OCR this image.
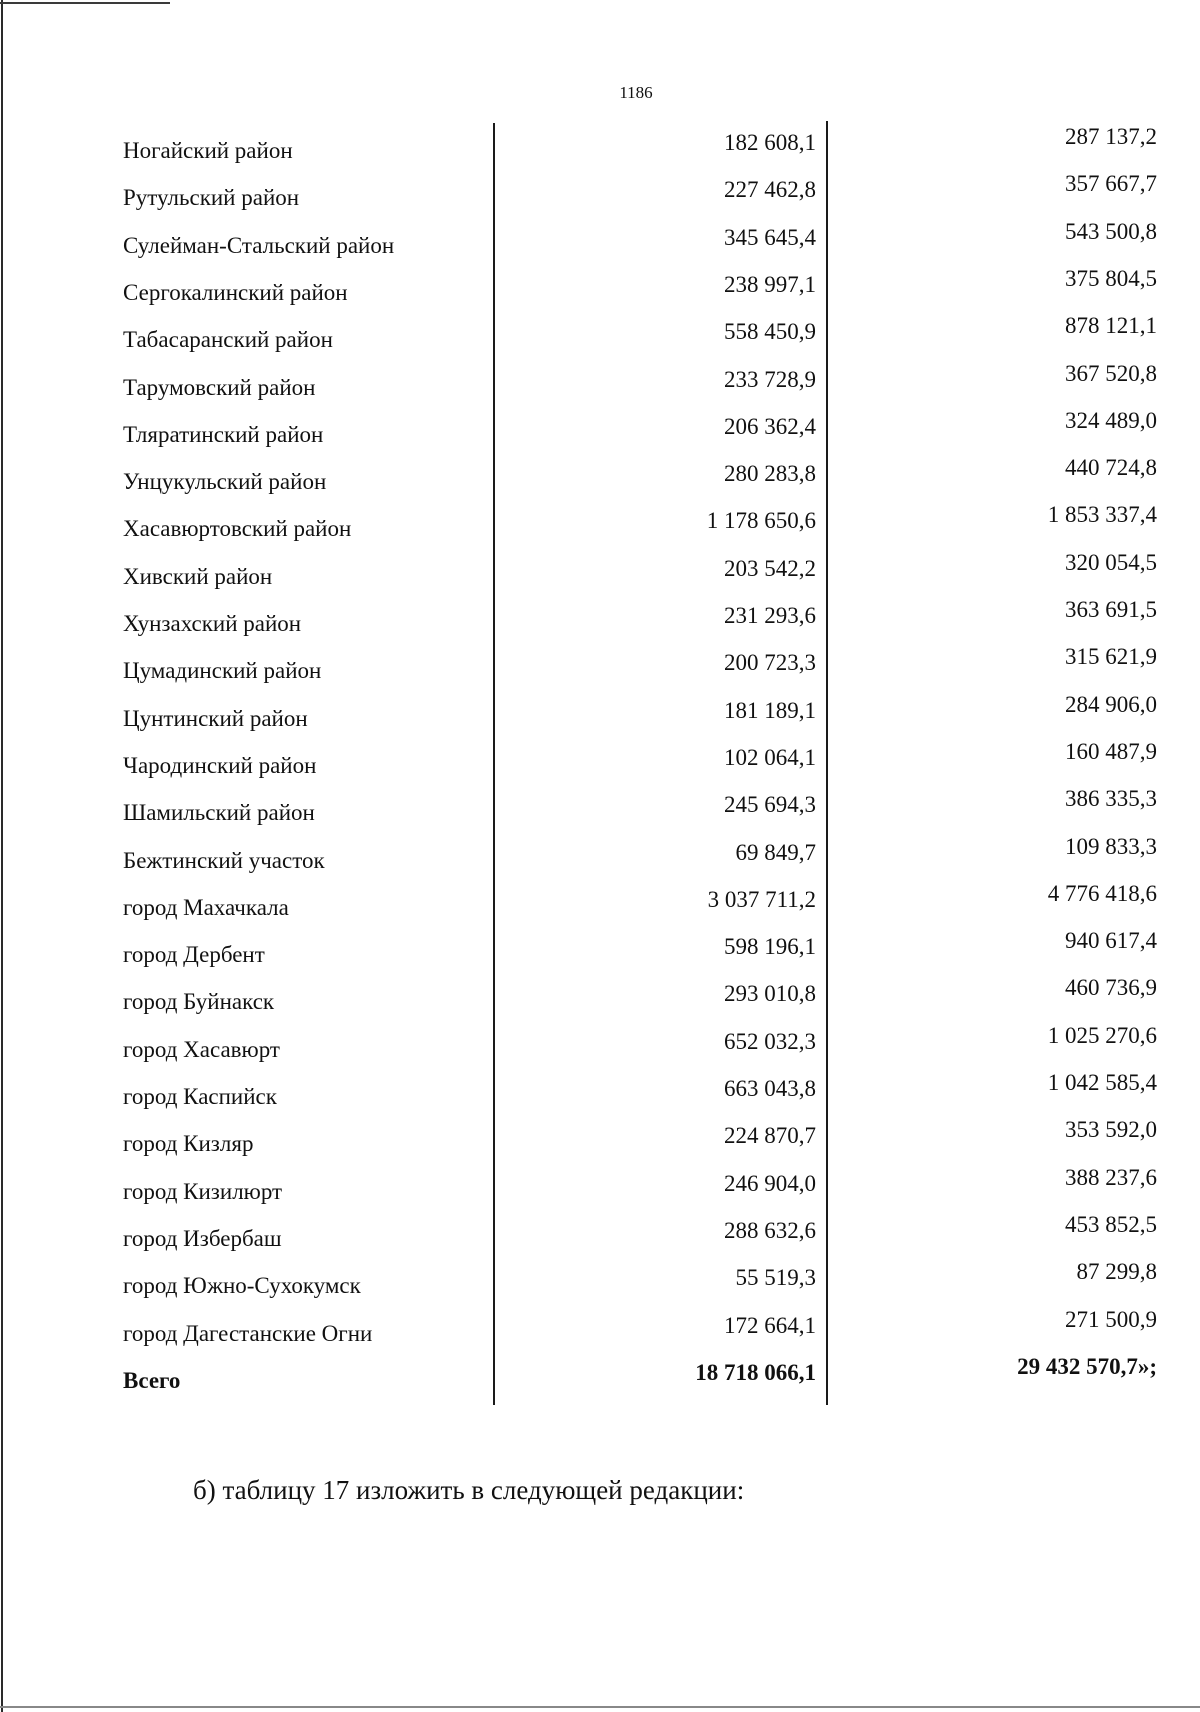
1186
Ногайский район	182 608,1	287 137,2
Рутульский район	227 462,8	357 667,7
Сулейман-Стальский район	345 645,4	543 500,8
Сергокалинский район	238 997,1	375 804,5
Табасаранский район	558 450,9	878 121,1
Тарумовский район	233 728,9	367 520,8
Тляратинский район	206 362,4	324 489,0
Унцукульский район	280 283,8	440 724,8
Хасавюртовский район	1 178 650,6	1 853 337,4
Хивский район	203 542,2	320 054,5
Хунзахский район	231 293,6	363 691,5
Цумадинский район	200 723,3	315 621,9
Цунтинский район	181 189,1	284 906,0
Чародинский район	102 064,1	160 487,9
Шамильский район	245 694,3	386 335,3
Бежтинский участок	69 849,7	109 833,3
город Махачкала	3 037 711,2	4 776 418,6
город Дербент	598 196,1	940 617,4
город Буйнакск	293 010,8	460 736,9
город Хасавюрт	652 032,3	1 025 270,6
город Каспийск	663 043,8	1 042 585,4
город Кизляр	224 870,7	353 592,0
город Кизилюрт	246 904,0	388 237,6
город Избербаш	288 632,6	453 852,5
город Южно-Сухокумск	55 519,3	87 299,8
город Дагестанские Огни	172 664,1	271 500,9
Всего	18 718 066,1	29 432 570,7»;
б) таблицу 17 изложить в следующей редакции:
